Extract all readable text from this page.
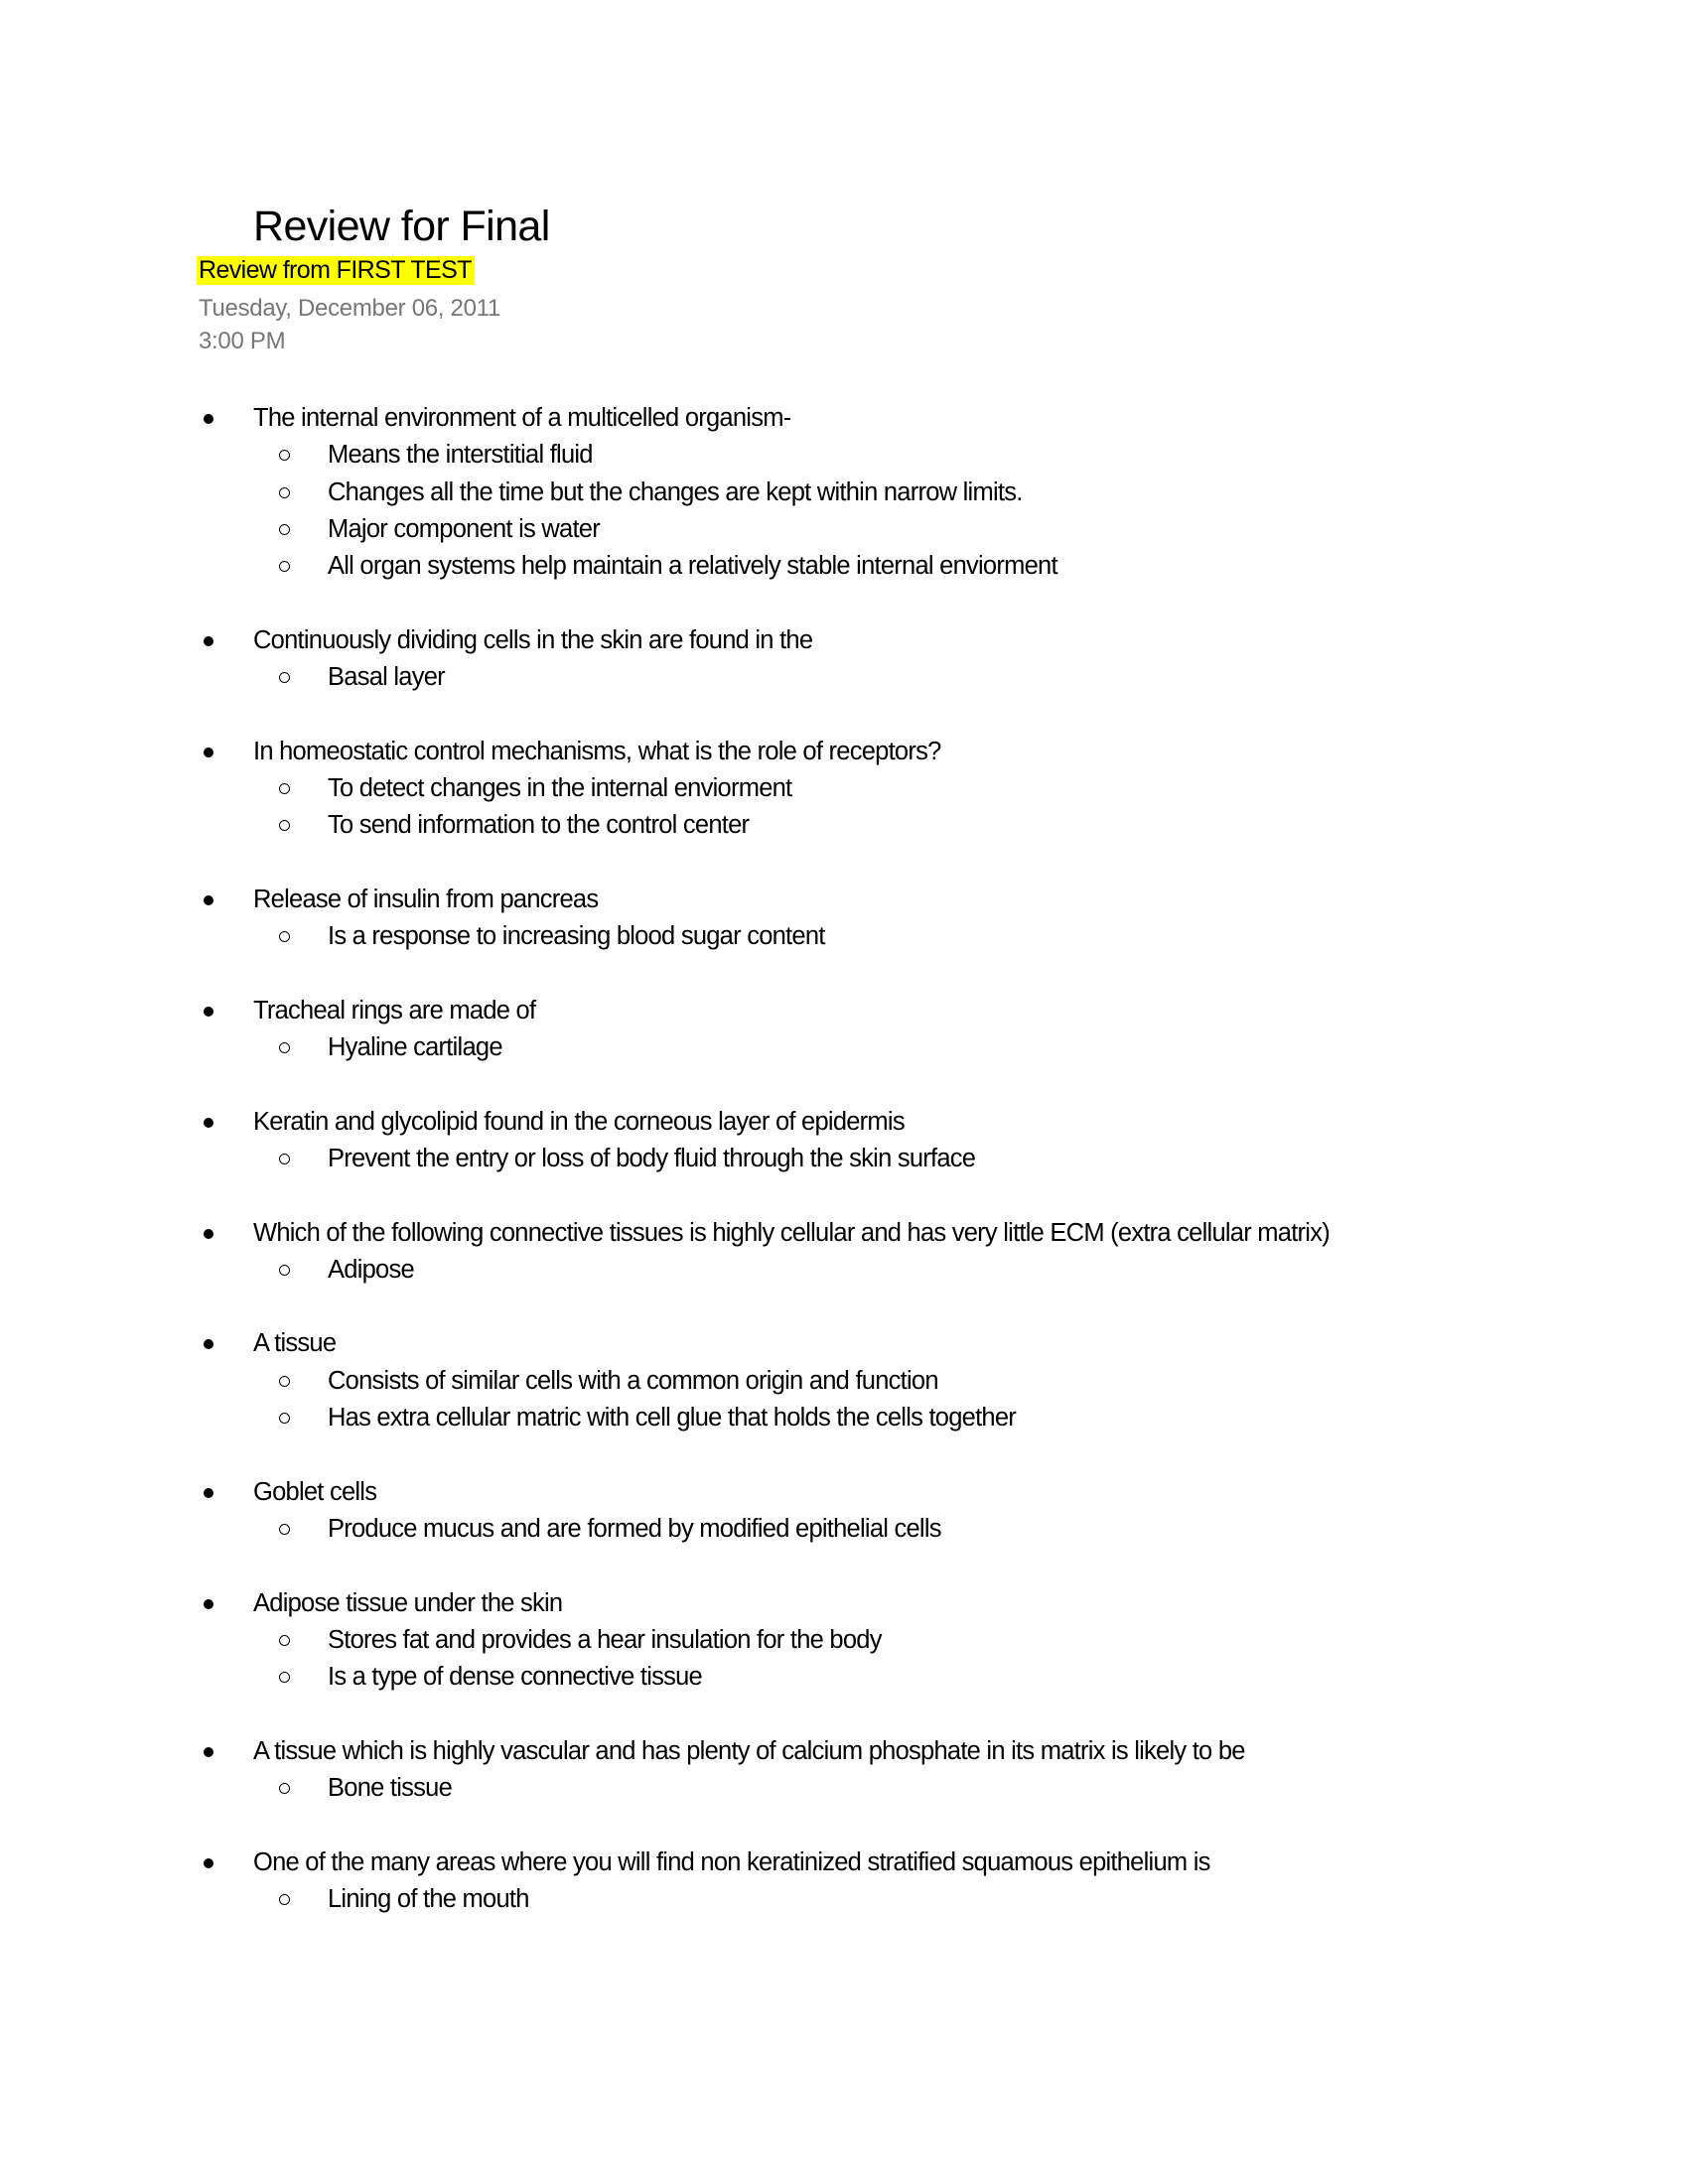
Review for Final
Review from FIRST TEST
Tuesday, December 06, 2011
3:00 PM
The internal environment of a multicelled organism-
Means the interstitial fluid
Changes all the time but the changes are kept within narrow limits.
Major component is water
All organ systems help maintain a relatively stable internal enviorment
Continuously dividing cells in the skin are found in the
Basal layer
In homeostatic control mechanisms, what is the role of receptors?
To detect changes in the internal enviorment
To send information to the control center
Release of insulin from pancreas
Is a response to increasing blood sugar content
Tracheal rings are made of
Hyaline cartilage
Keratin and glycolipid found in the corneous layer of epidermis
Prevent the entry or loss of body fluid through the skin surface
Which of the following connective tissues is highly cellular and has very little ECM (extra cellular matrix)
Adipose
A tissue
Consists of similar cells with a common origin and function
Has extra cellular matric with cell glue that holds the cells together
Goblet cells
Produce mucus and are formed by modified epithelial cells
Adipose tissue under the skin
Stores fat and provides a hear insulation for the body
Is a type of dense connective tissue
A tissue which is highly vascular and has plenty of calcium phosphate in its matrix is likely to be
Bone tissue
One of the many areas where you will find non keratinized stratified squamous epithelium is
Lining of the mouth
